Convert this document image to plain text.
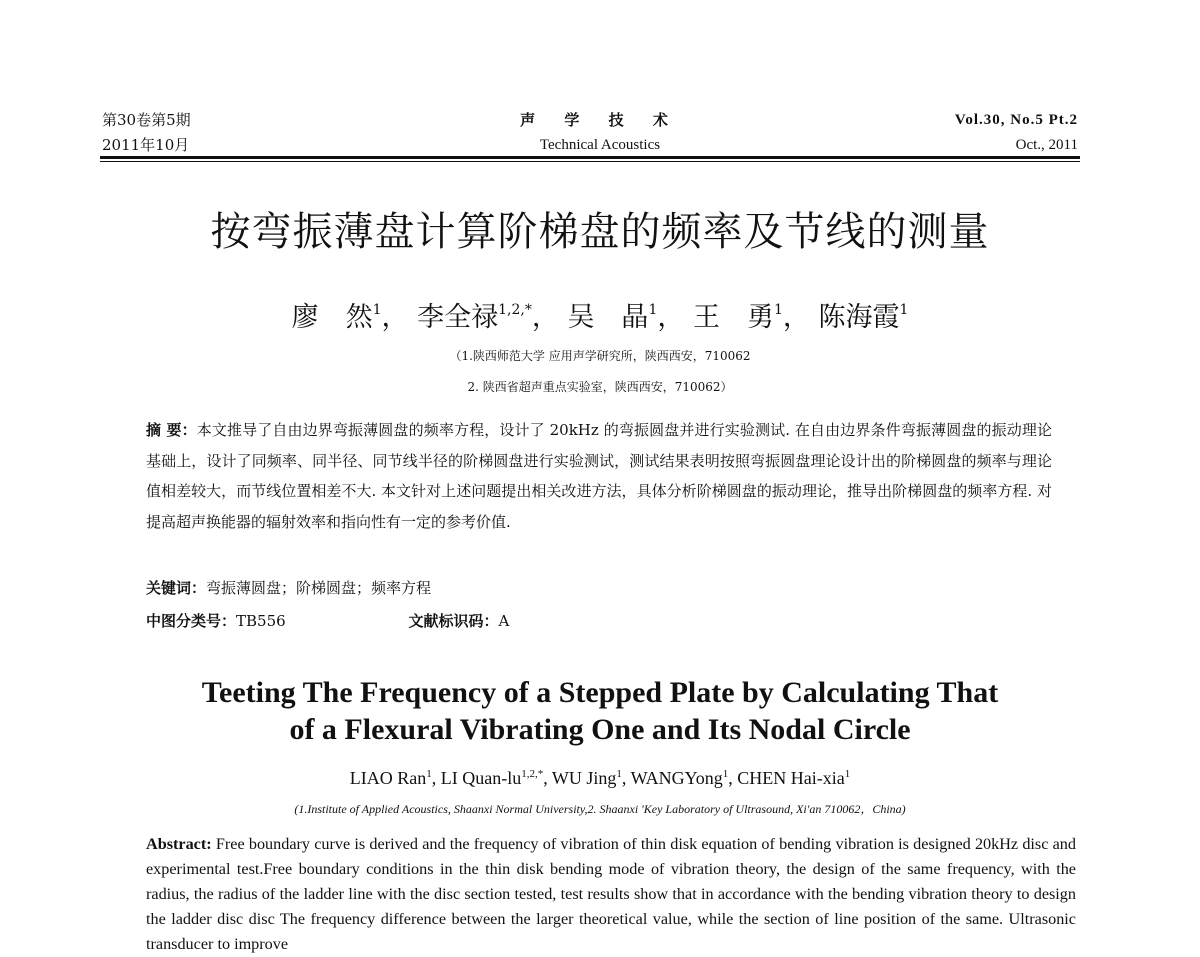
第30卷第5期
2011年10月
声 学 技 术
Technical Acoustics
Vol.30, No.5 Pt.2
Oct., 2011
按弯振薄盘计算阶梯盘的频率及节线的测量
廖　然$^1$， 李全禄$^{1,2,*}$， 吴　晶$^1$， 王　勇$^1$， 陈海霞$^1$
（1.陕西师范大学 应用声学研究所，陕西西安，710062
2. 陕西省超声重点实验室，陕西西安，710062）
摘 要：本文推导了自由边界弯振薄圆盘的频率方程，设计了 20kHz 的弯振圆盘并进行实验测试. 在自由边界条件弯振薄圆盘的振动理论基础上，设计了同频率、同半径、同节线半径的阶梯圆盘进行实验测试，测试结果表明按照弯振圆盘理论设计出的阶梯圆盘的频率与理论值相差较大，而节线位置相差不大. 本文针对上述问题提出相关改进方法，具体分析阶梯圆盘的振动理论，推导出阶梯圆盘的频率方程. 对提高超声换能器的辐射效率和指向性有一定的参考价值.
关键词：弯振薄圆盘；阶梯圆盘；频率方程
中图分类号：TB556	文献标识码：A
Teeting The Frequency of a Stepped Plate by Calculating That
of a Flexural Vibrating One and Its Nodal Circle
LIAO Ran$^1$, LI Quan-$lu^{1,2,*}$, WU Jing$^1$, WANGYong$^1$, CHEN Hai-xia$^1$
(1.Institute of Applied Acoustics, Shaanxi Normal University,2. Shaanxi 'Key Laboratory of Ultrasound, Xi'an 710062，China)
Abstract: Free boundary curve is derived and the frequency of vibration of thin disk equation of bending vibration is designed 20kHz disc and experimental test.Free boundary conditions in the thin disk bending mode of vibration theory, the design of the same frequency, with the radius, the radius of the ladder line with the disc section tested, test results show that in accordance with the bending vibration theory to design the ladder disc disc The frequency difference between the larger theoretical value, while the section of line position of the same. Ultrasonic transducer to improve
